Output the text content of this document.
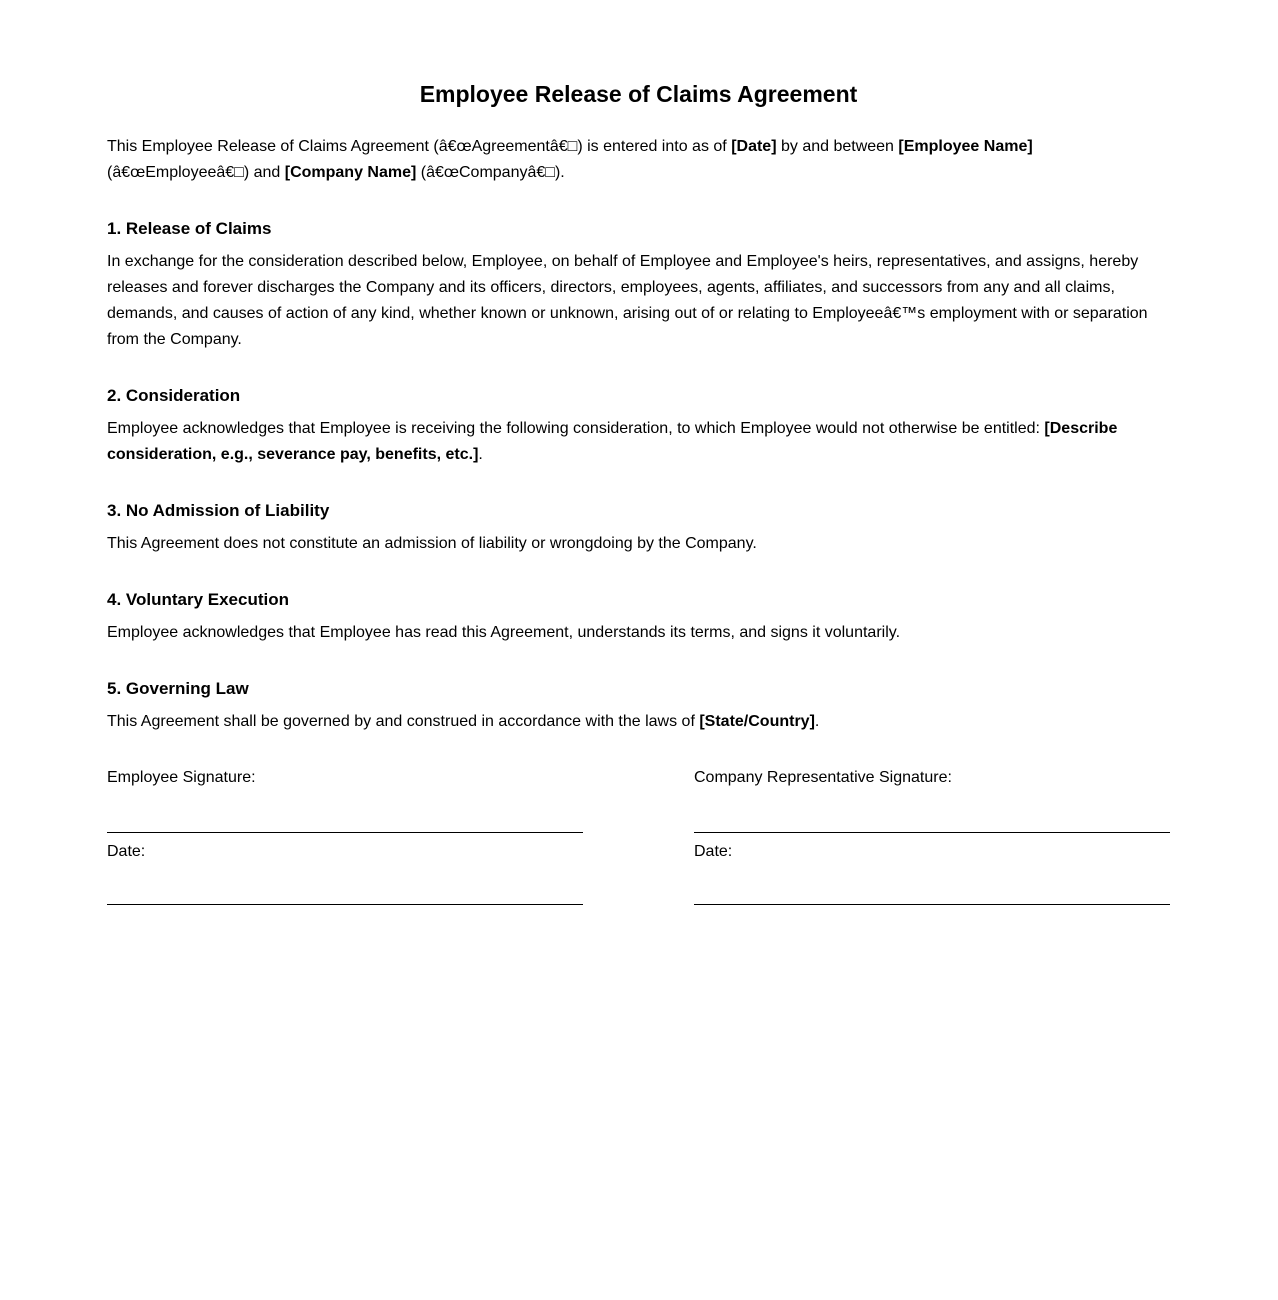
Employee Release of Claims Agreement

This Employee Release of Claims Agreement (â€œAgreementâ€□) is entered into as of [Date] by and between [Employee Name] (â€œEmployeeâ€□) and [Company Name] (â€œCompanyâ€□).

1. Release of Claims

In exchange for the consideration described below, Employee, on behalf of Employee and Employee's heirs, representatives, and assigns, hereby releases and forever discharges the Company and its officers, directors, employees, agents, affiliates, and successors from any and all claims, demands, and causes of action of any kind, whether known or unknown, arising out of or relating to Employeeâ€™s employment with or separation from the Company.

2. Consideration

Employee acknowledges that Employee is receiving the following consideration, to which Employee would not otherwise be entitled: [Describe consideration, e.g., severance pay, benefits, etc.].

3. No Admission of Liability

This Agreement does not constitute an admission of liability or wrongdoing by the Company.

4. Voluntary Execution

Employee acknowledges that Employee has read this Agreement, understands its terms, and signs it voluntarily.

5. Governing Law

This Agreement shall be governed by and construed in accordance with the laws of [State/Country].

Employee Signature:

Date:

Company Representative Signature:

Date:
